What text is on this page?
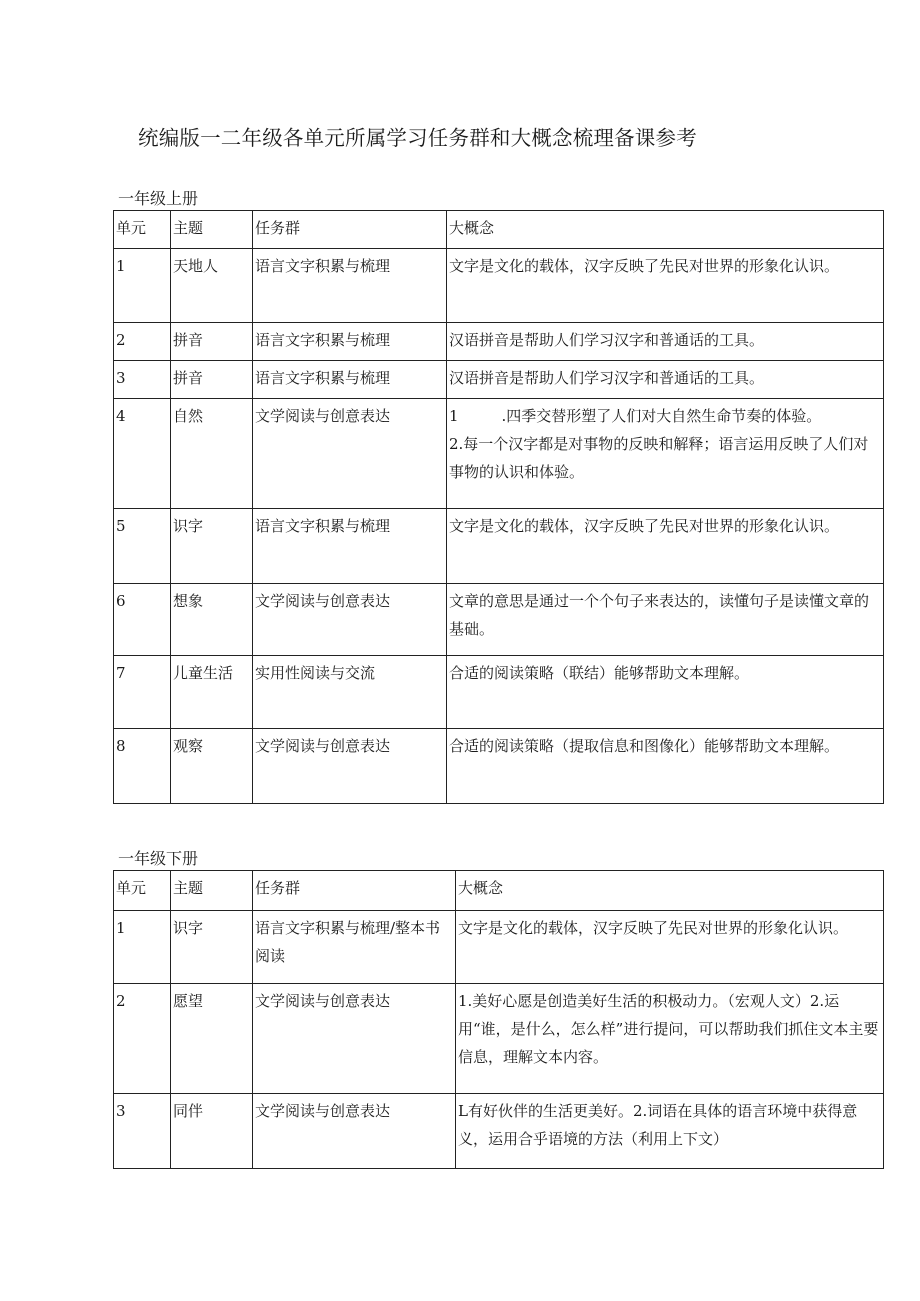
统编版一二年级各单元所属学习任务群和大概念梳理备课参考
一年级上册
单元	主题	任务群	大概念
1	天地人	语言文字积累与梳理	文字是文化的载体，汉字反映了先民对世界的形象化认识。
2	拼音	语言文字积累与梳理	汉语拼音是帮助人们学习汉字和普通话的工具。
3	拼音	语言文字积累与梳理	汉语拼音是帮助人们学习汉字和普通话的工具。
4	自然	文学阅读与创意表达	1         .四季交替形塑了人们对大自然生命节奏的体验。
2.每一个汉字都是对事物的反映和解释；语言运用反映了人们对事物的认识和体验。

5	识字	语言文字积累与梳理	文字是文化的载体，汉字反映了先民对世界的形象化认识。
6	想象	文学阅读与创意表达	文章的意思是通过一个个句子来表达的，读懂句子是读懂文章的基础。
7	儿童生活	实用性阅读与交流	合适的阅读策略（联结）能够帮助文本理解。
8	观察	文学阅读与创意表达	合适的阅读策略（提取信息和图像化）能够帮助文本理解。
一年级下册
单元	主题	任务群	大概念
1	识字	语言文字积累与梳理/整本书阅读	文字是文化的载体，汉字反映了先民对世界的形象化认识。
2	愿望	文学阅读与创意表达	1.美好心愿是创造美好生活的积极动力。（宏观人文）2.运用“谁，是什么，怎么样”进行提问，可以帮助我们抓住文本主要信息，理解文本内容。
3	同伴	文学阅读与创意表达	L有好伙伴的生活更美好。2.词语在具体的语言环境中获得意义，运用合乎语境的方法（利用上下文）
